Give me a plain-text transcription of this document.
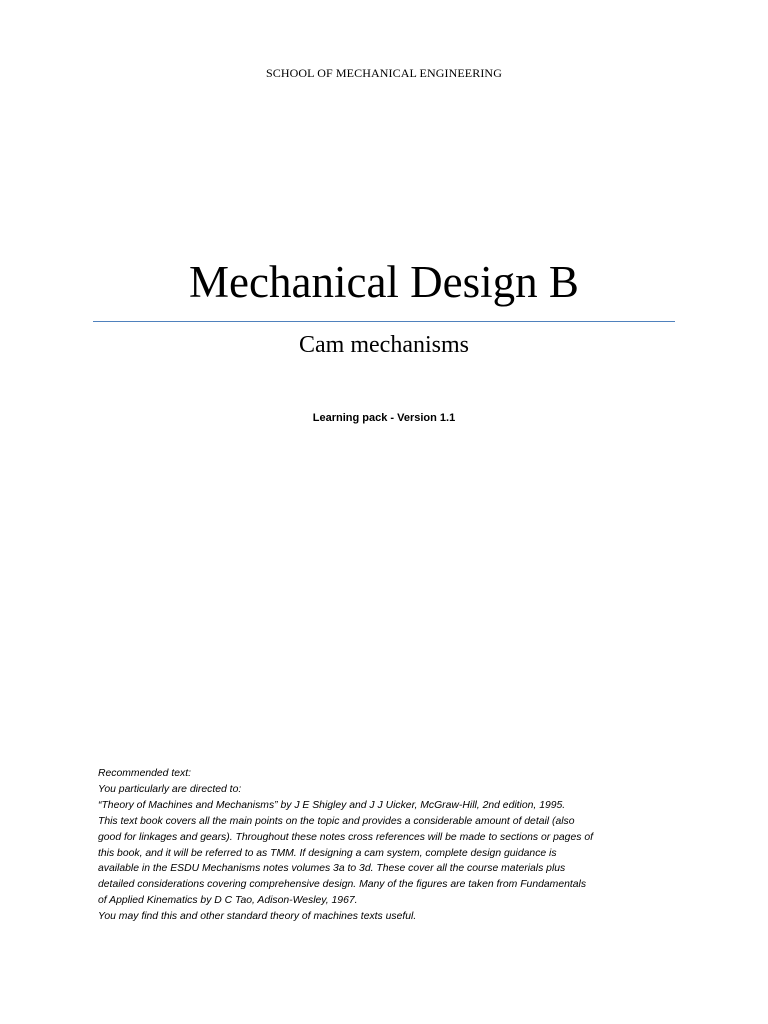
SCHOOL OF MECHANICAL ENGINEERING
Mechanical Design B
Cam mechanisms
Learning pack - Version 1.1
Recommended text:
You particularly are directed to:
“Theory of Machines and Mechanisms” by J E Shigley and J J Uicker, McGraw-Hill, 2nd edition, 1995.
This text book covers all the main points on the topic and provides a considerable amount of detail (also
good for linkages and gears). Throughout these notes cross references will be made to sections or pages of
this book, and it will be referred to as TMM. If designing a cam system, complete design guidance is
available in the ESDU Mechanisms notes volumes 3a to 3d. These cover all the course materials plus
detailed considerations covering comprehensive design. Many of the figures are taken from Fundamentals
of Applied Kinematics by D C Tao, Adison-Wesley, 1967.
You may find this and other standard theory of machines texts useful.
